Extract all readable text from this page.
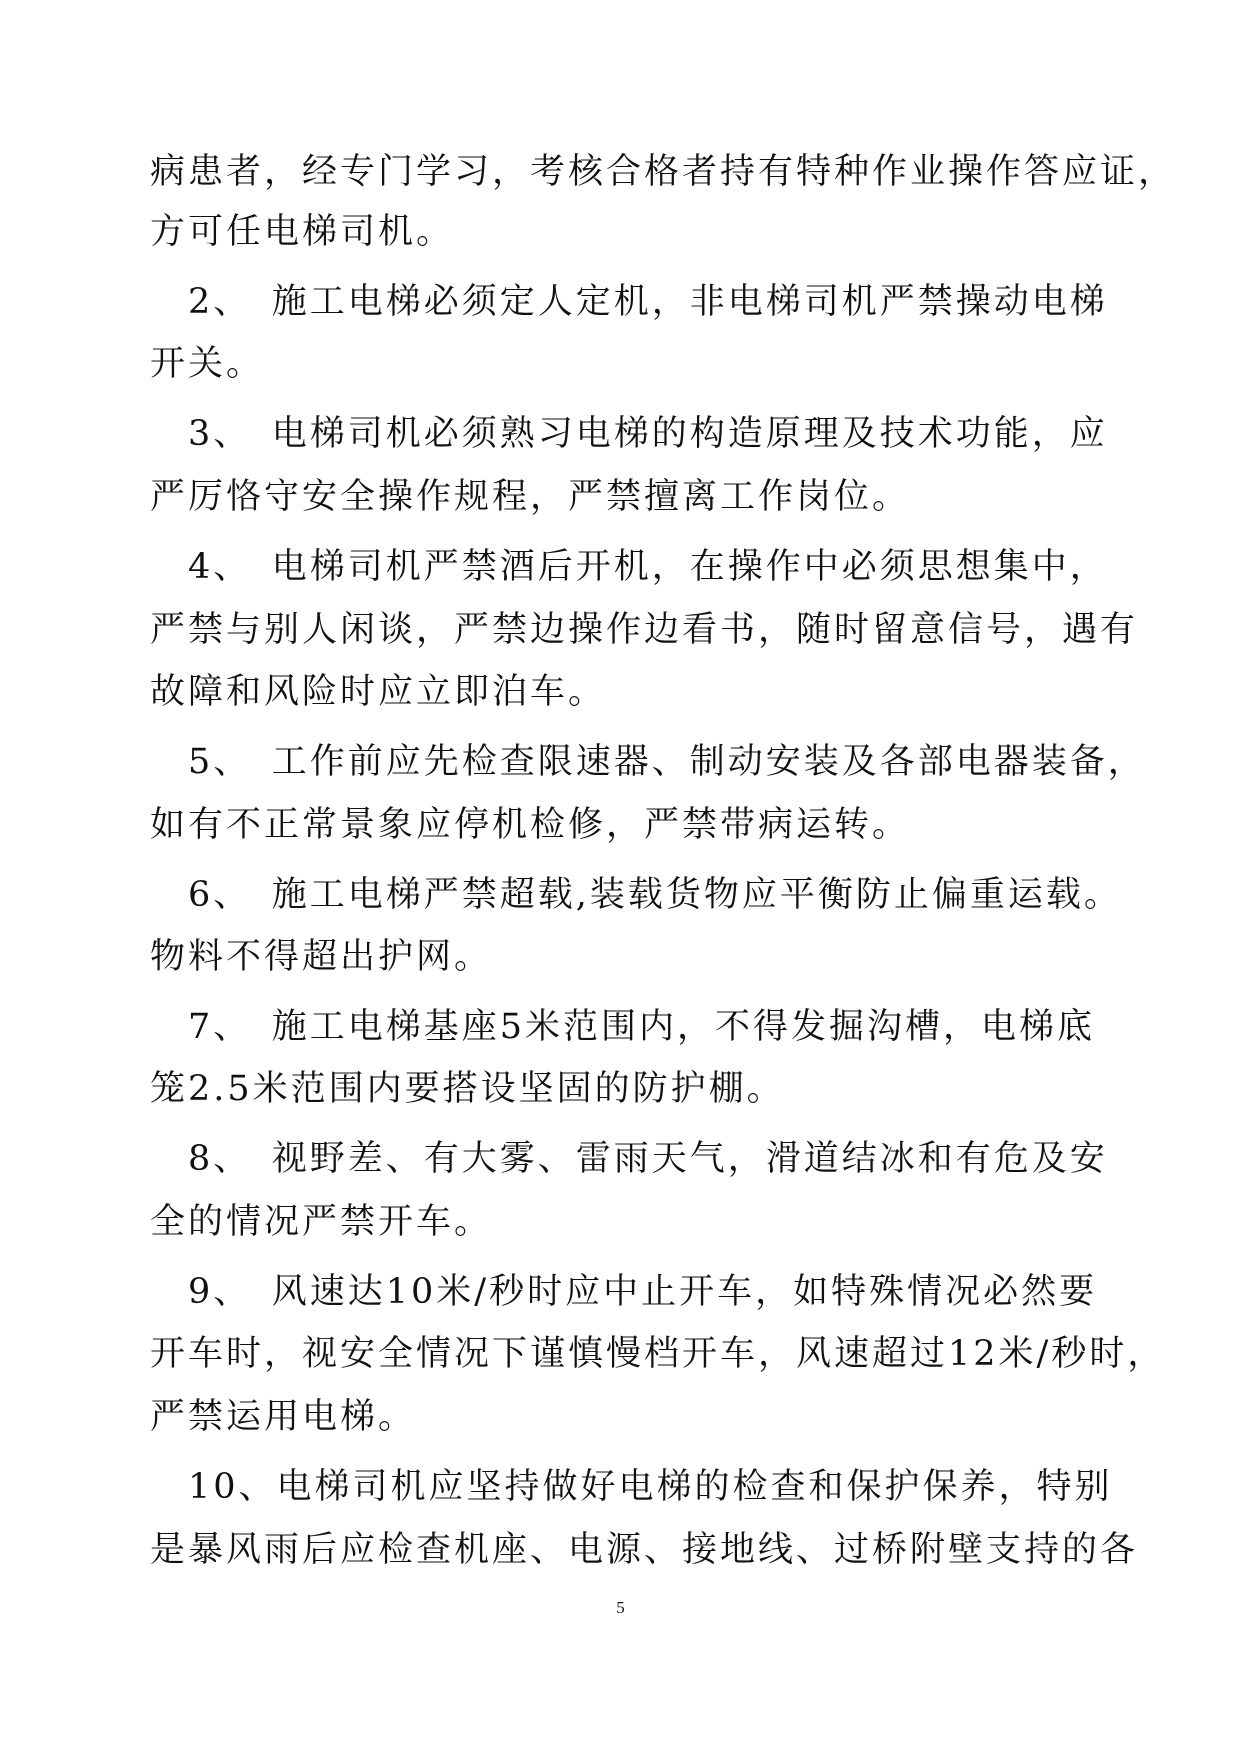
病患者，经专门学习，考核合格者持有特种作业操作答应证，
方可任电梯司机。
　2、　施工电梯必须定人定机，非电梯司机严禁操动电梯
开关。
　3、　电梯司机必须熟习电梯的构造原理及技术功能，应
严厉恪守安全操作规程，严禁擅离工作岗位。
　4、　电梯司机严禁酒后开机，在操作中必须思想集中，
严禁与别人闲谈，严禁边操作边看书，随时留意信号，遇有
故障和风险时应立即泊车。
　5、　工作前应先检查限速器、制动安装及各部电器装备，
如有不正常景象应停机检修，严禁带病运转。
　6、　施工电梯严禁超载,装载货物应平衡防止偏重运载。
物料不得超出护网。
　7、　施工电梯基座5米范围内，不得发掘沟槽，电梯底
笼2.5米范围内要搭设坚固的防护棚。
　8、　视野差、有大雾、雷雨天气，滑道结冰和有危及安
全的情况严禁开车。
　9、　风速达10米/秒时应中止开车，如特殊情况必然要
开车时，视安全情况下谨慎慢档开车，风速超过12米/秒时，
严禁运用电梯。
　10、电梯司机应坚持做好电梯的检查和保护保养，特别
是暴风雨后应检查机座、电源、接地线、过桥附壁支持的各
5
